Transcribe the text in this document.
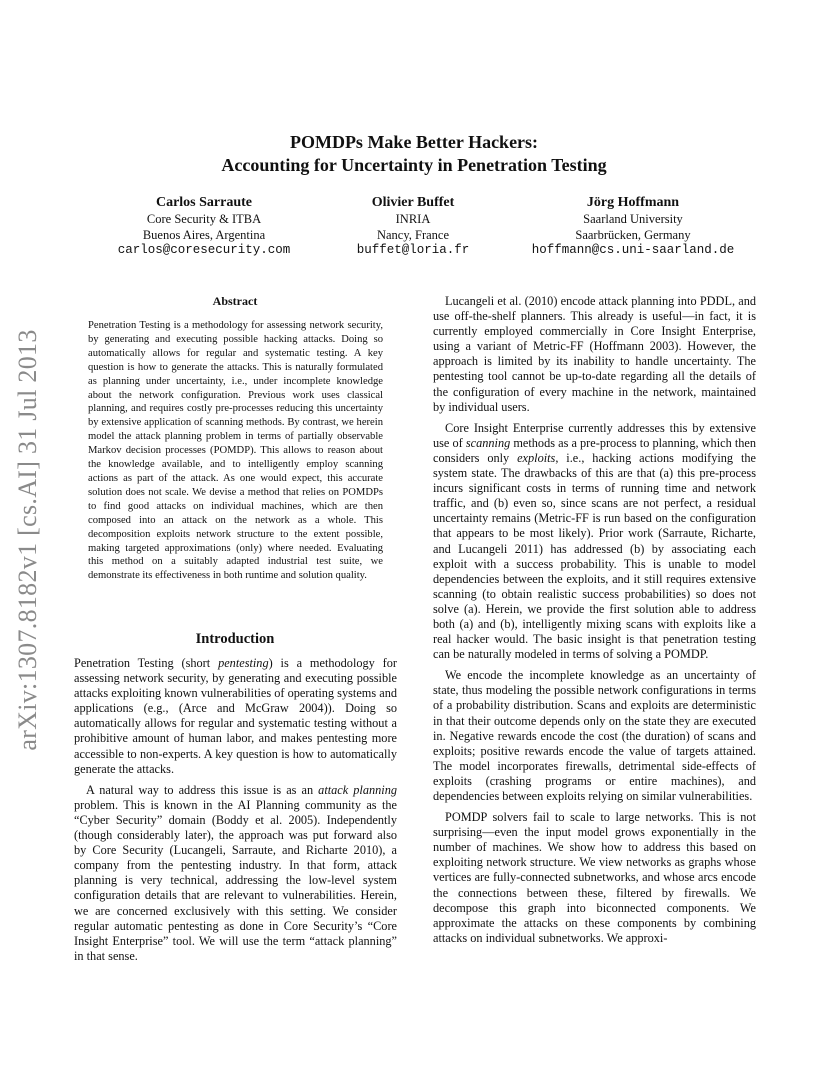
POMDPs Make Better Hackers:
Accounting for Uncertainty in Penetration Testing
Carlos Sarraute
Core Security & ITBA
Buenos Aires, Argentina
carlos@coresecurity.com
Olivier Buffet
INRIA
Nancy, France
buffet@loria.fr
Jörg Hoffmann
Saarland University
Saarbrücken, Germany
hoffmann@cs.uni-saarland.de
arXiv:1307.8182v1 [cs.AI] 31 Jul 2013
Abstract

Penetration Testing is a methodology for assessing network security, by generating and executing possible hacking attacks. Doing so automatically allows for regular and systematic testing. A key question is how to generate the attacks. This is naturally formulated as planning under uncertainty, i.e., under incomplete knowledge about the network configuration. Previous work uses classical planning, and requires costly pre-processes reducing this uncertainty by extensive application of scanning methods. By contrast, we herein model the attack planning problem in terms of partially observable Markov decision processes (POMDP). This allows to reason about the knowledge available, and to intelligently employ scanning actions as part of the attack. As one would expect, this accurate solution does not scale. We devise a method that relies on POMDPs to find good attacks on individual machines, which are then composed into an attack on the network as a whole. This decomposition exploits network structure to the extent possible, making targeted approximations (only) where needed. Evaluating this method on a suitably adapted industrial test suite, we demonstrate its effectiveness in both runtime and solution quality.

Introduction

Penetration Testing (short pentesting) is a methodology for assessing network security, by generating and executing possible attacks exploiting known vulnerabilities of operating systems and applications (e.g., (Arce and McGraw 2004)). Doing so automatically allows for regular and systematic testing without a prohibitive amount of human labor, and makes pentesting more accessible to non-experts. A key question is how to automatically generate the attacks.

A natural way to address this issue is as an attack planning problem. This is known in the AI Planning community as the “Cyber Security” domain (Boddy et al. 2005). Independently (though considerably later), the approach was put forward also by Core Security (Lucangeli, Sarraute, and Richarte 2010), a company from the pentesting industry. In that form, attack planning is very technical, addressing the low-level system configuration details that are relevant to vulnerabilities. Herein, we are concerned exclusively with this setting. We consider regular automatic pentesting as done in Core Security’s “Core Insight Enterprise” tool. We will use the term “attack planning” in that sense.

Lucangeli et al. (2010) encode attack planning into PDDL, and use off-the-shelf planners. This already is useful—in fact, it is currently employed commercially in Core Insight Enterprise, using a variant of Metric-FF (Hoffmann 2003). However, the approach is limited by its inability to handle uncertainty. The pentesting tool cannot be up-to-date regarding all the details of the configuration of every machine in the network, maintained by individual users.

Core Insight Enterprise currently addresses this by extensive use of scanning methods as a pre-process to planning, which then considers only exploits, i.e., hacking actions modifying the system state. The drawbacks of this are that (a) this pre-process incurs significant costs in terms of running time and network traffic, and (b) even so, since scans are not perfect, a residual uncertainty remains (Metric-FF is run based on the configuration that appears to be most likely). Prior work (Sarraute, Richarte, and Lucangeli 2011) has addressed (b) by associating each exploit with a success probability. This is unable to model dependencies between the exploits, and it still requires extensive scanning (to obtain realistic success probabilities) so does not solve (a). Herein, we provide the first solution able to address both (a) and (b), intelligently mixing scans with exploits like a real hacker would. The basic insight is that penetration testing can be naturally modeled in terms of solving a POMDP.

We encode the incomplete knowledge as an uncertainty of state, thus modeling the possible network configurations in terms of a probability distribution. Scans and exploits are deterministic in that their outcome depends only on the state they are executed in. Negative rewards encode the cost (the duration) of scans and exploits; positive rewards encode the value of targets attained. The model incorporates firewalls, detrimental side-effects of exploits (crashing programs or entire machines), and dependencies between exploits relying on similar vulnerabilities.

POMDP solvers fail to scale to large networks. This is not surprising—even the input model grows exponentially in the number of machines. We show how to address this based on exploiting network structure. We view networks as graphs whose vertices are fully-connected subnetworks, and whose arcs encode the connections between these, filtered by firewalls. We decompose this graph into biconnected components. We approximate the attacks on these components by combining attacks on individual subnetworks. We approxi-
